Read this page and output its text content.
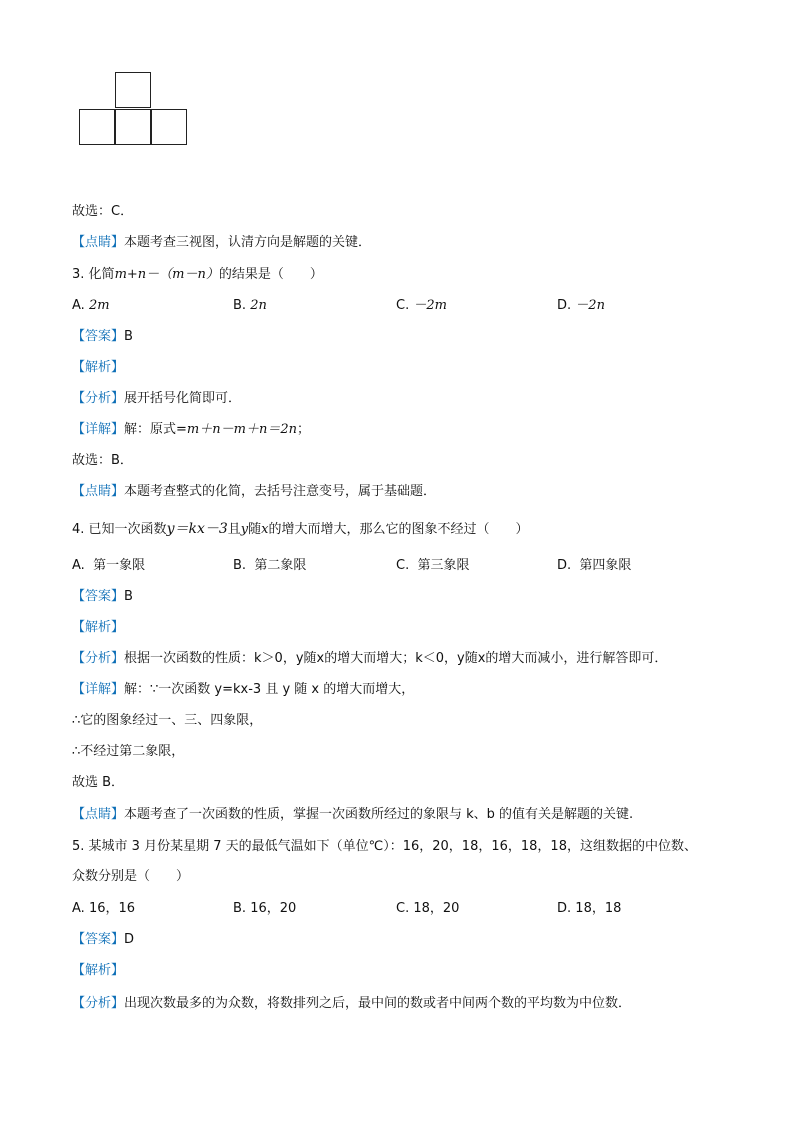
故选：C．
【点睛】本题考查三视图，认清方向是解题的关键．
3. 化简m+n－（m－n）的结果是（　　）
A. 2m	B. 2n	C. －2m	D. －2n
【答案】B
【解析】
【分析】展开括号化简即可．
【详解】解：原式=m＋n－m＋n＝2n；
故选：B．
【点睛】本题考查整式的化简，去括号注意变号，属于基础题．
4. 已知一次函数y＝kx－3且y随x的增大而增大，那么它的图象不经过（　　）
A. 第一象限	B. 第二象限	C. 第三象限	D. 第四象限
【答案】B
【解析】
【分析】根据一次函数的性质：k＞0，y随x的增大而增大；k＜0，y随x的增大而减小，进行解答即可．
【详解】解：∵一次函数 y=kx-3 且 y 随 x 的增大而增大，
∴它的图象经过一、三、四象限，
∴不经过第二象限，
故选 B．
【点睛】本题考查了一次函数的性质，掌握一次函数所经过的象限与 k、b 的值有关是解题的关键.
5. 某城市 3 月份某星期 7 天的最低气温如下（单位℃）：16，20，18，16，18，18，这组数据的中位数、
众数分别是（　　）
A. 16，16	B. 16，20	C. 18，20	D. 18，18
【答案】D
【解析】
【分析】出现次数最多的为众数，将数排列之后，最中间的数或者中间两个数的平均数为中位数．
